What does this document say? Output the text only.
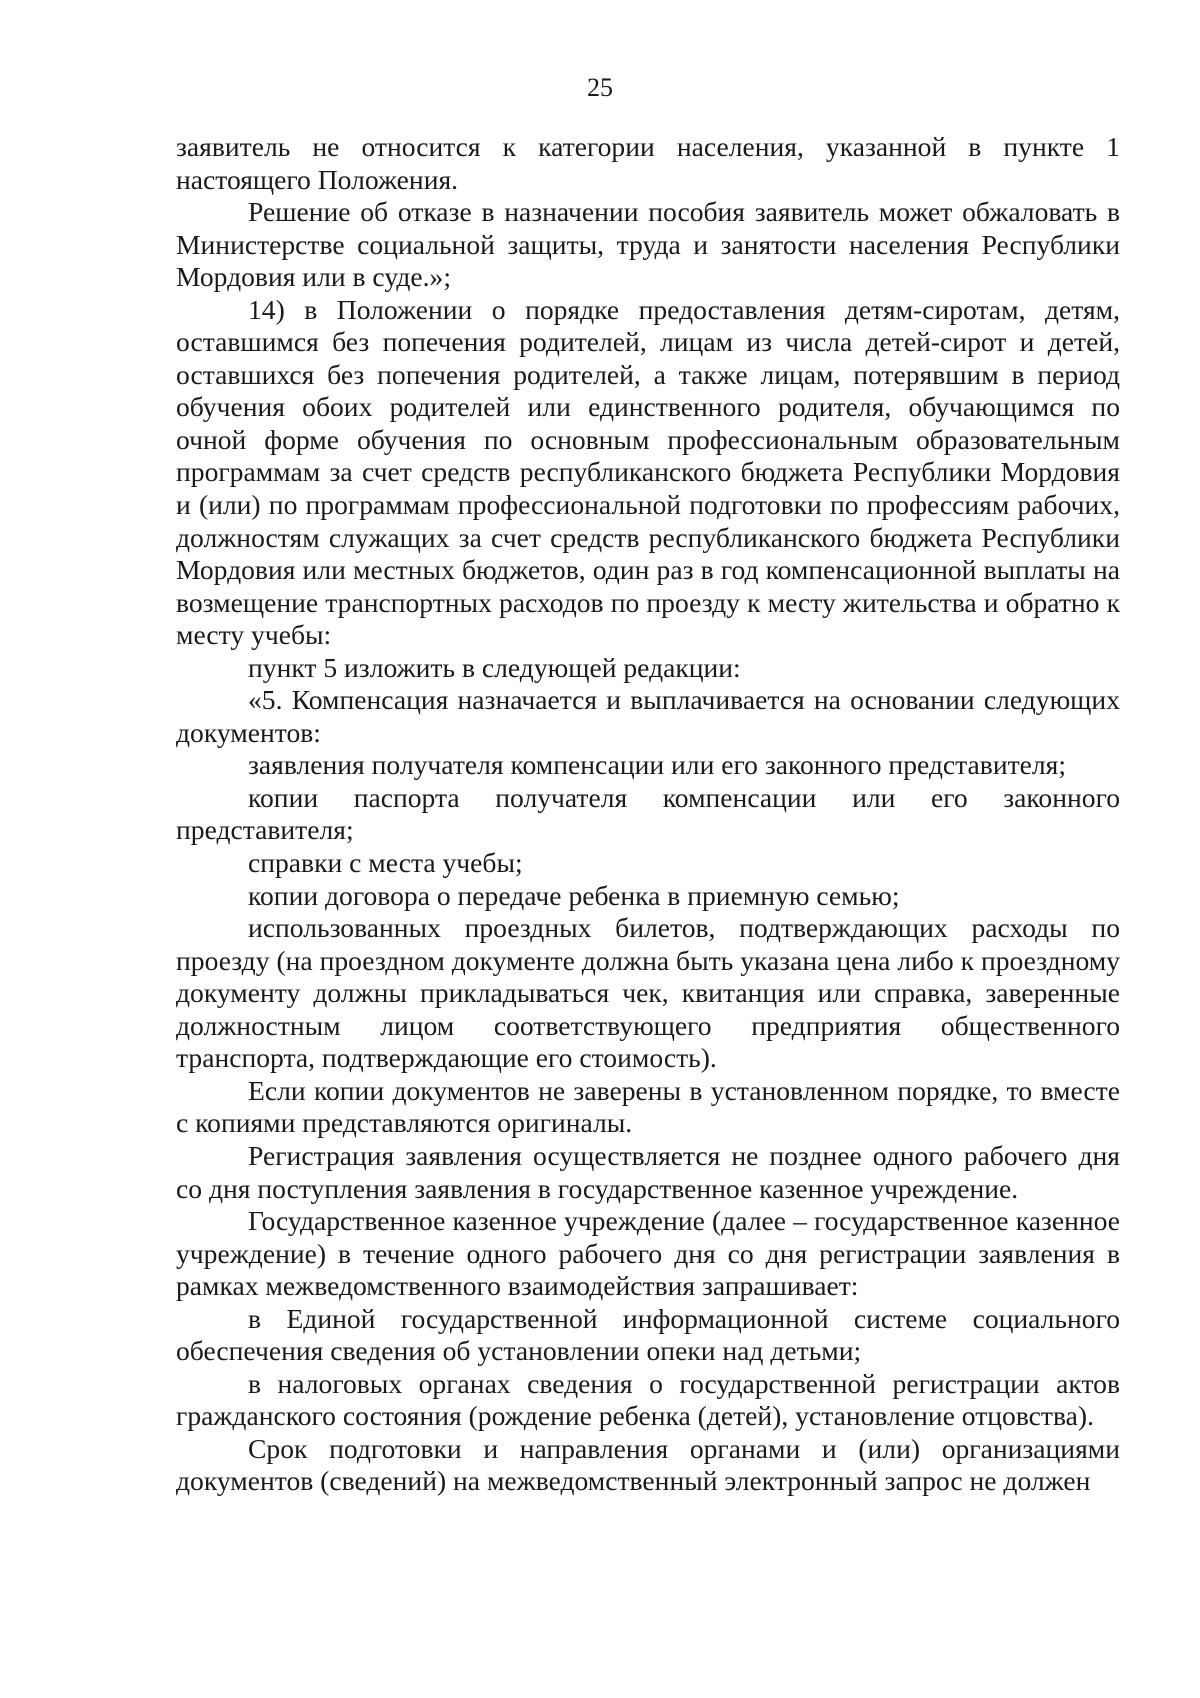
25

заявитель не относится к категории населения, указанной в пункте 1 настоящего Положения.

Решение об отказе в назначении пособия заявитель может обжаловать в Министерстве социальной защиты, труда и занятости населения Республики Мордовия или в суде.»;

14) в Положении о порядке предоставления детям-сиротам, детям, оставшимся без попечения родителей, лицам из числа детей-сирот и детей, оставшихся без попечения родителей, а также лицам, потерявшим в период обучения обоих родителей или единственного родителя, обучающимся по очной форме обучения по основным профессиональным образовательным программам за счет средств республиканского бюджета Республики Мордовия и (или) по программам профессиональной подготовки по профессиям рабочих, должностям служащих за счет средств республиканского бюджета Республики Мордовия или местных бюджетов, один раз в год компенсационной выплаты на возмещение транспортных расходов по проезду к месту жительства и обратно к месту учебы:

пункт 5 изложить в следующей редакции:

«5. Компенсация назначается и выплачивается на основании следующих документов:

заявления получателя компенсации или его законного представителя;

копии паспорта получателя компенсации или его законного представителя;

справки с места учебы;

копии договора о передаче ребенка в приемную семью;

использованных проездных билетов, подтверждающих расходы по проезду (на проездном документе должна быть указана цена либо к проездному документу должны прикладываться чек, квитанция или справка, заверенные должностным лицом соответствующего предприятия общественного транспорта, подтверждающие его стоимость).

Если копии документов не заверены в установленном порядке, то вместе с копиями представляются оригиналы.

Регистрация заявления осуществляется не позднее одного рабочего дня со дня поступления заявления в государственное казенное учреждение.

Государственное казенное учреждение (далее – государственное казенное учреждение) в течение одного рабочего дня со дня регистрации заявления в рамках межведомственного взаимодействия запрашивает:

в Единой государственной информационной системе социального обеспечения сведения об установлении опеки над детьми;

в налоговых органах сведения о государственной регистрации актов гражданского состояния (рождение ребенка (детей), установление отцовства).

Срок подготовки и направления органами и (или) организациями документов (сведений) на межведомственный электронный запрос не должен
